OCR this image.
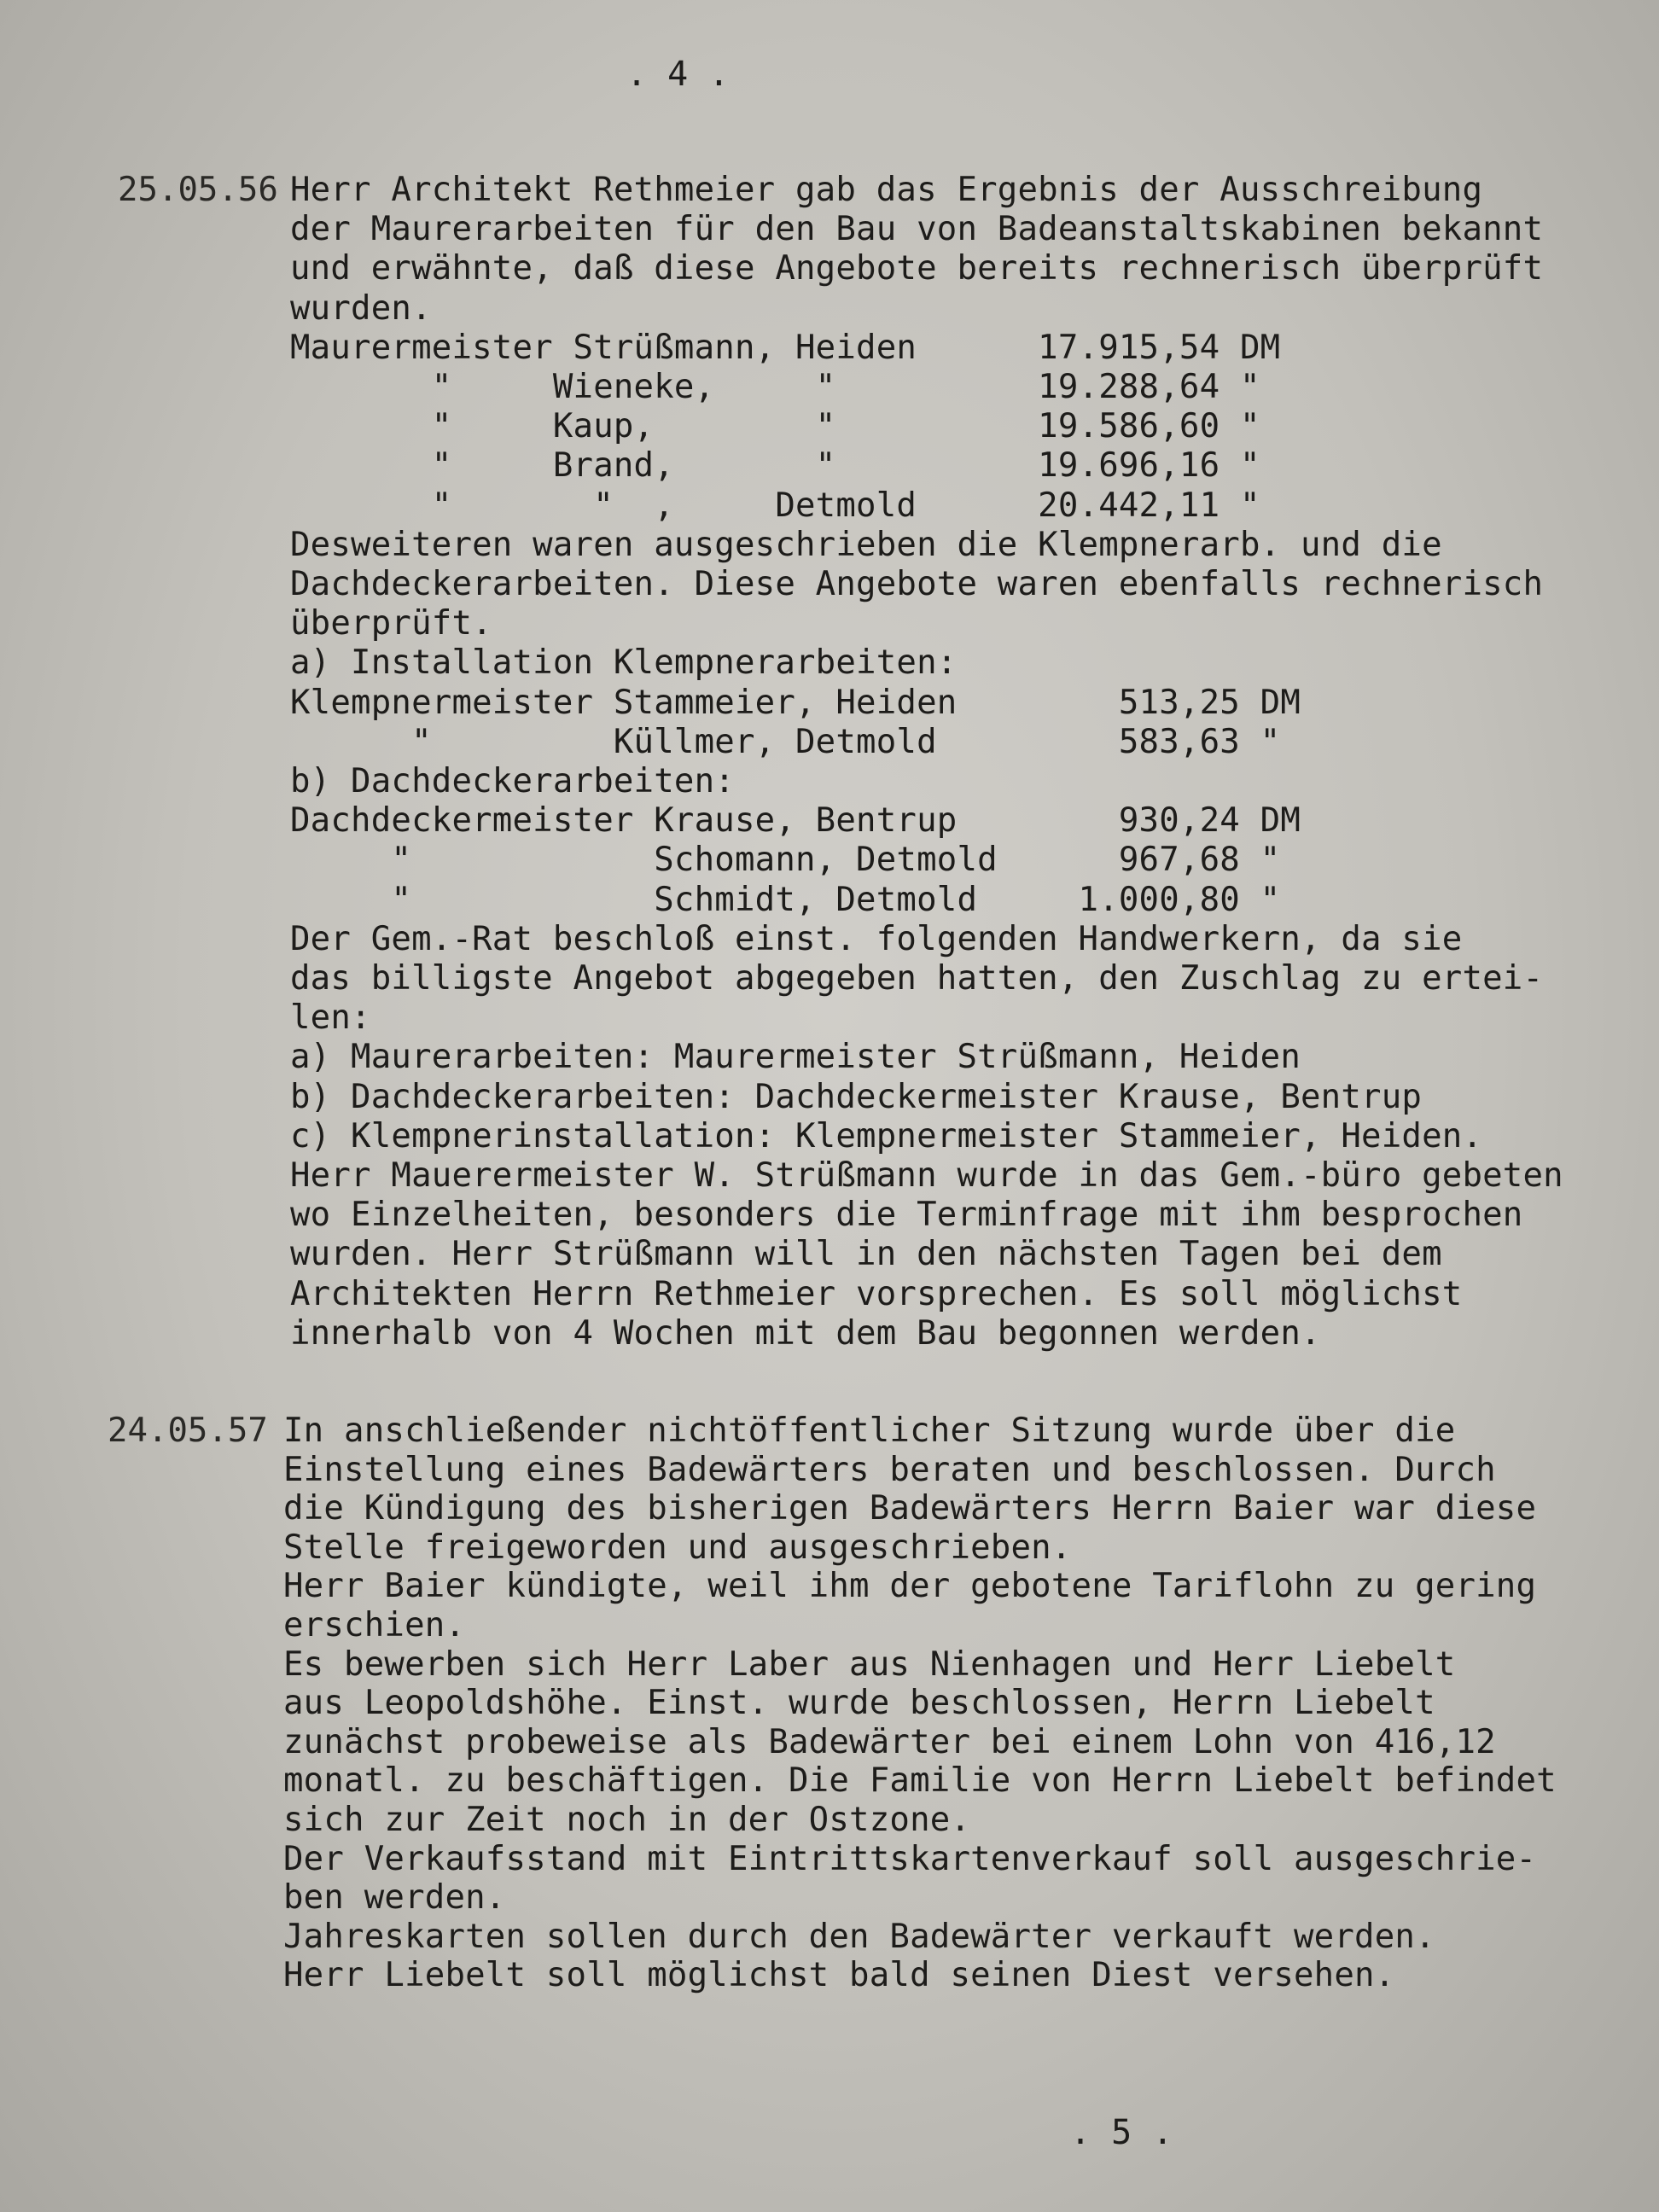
. 4 .
25.05.56 Herr Architekt Rethmeier gab das Ergebnis der Ausschreibung
der Maurerarbeiten für den Bau von Badeanstaltskabinen bekannt
und erwähnte, daß diese Angebote bereits rechnerisch überprüft
wurden.
Maurermeister Strüßmann, Heiden      17.915,54 DM
"     Wieneke,     "          19.288,64 "
"     Kaup,        "          19.586,60 "
"     Brand,       "          19.696,16 "
"       "  ,     Detmold      20.442,11 "
Desweiteren waren ausgeschrieben die Klempnerarb. und die
Dachdeckerarbeiten. Diese Angebote waren ebenfalls rechnerisch
überprüft.
a) Installation Klempnerarbeiten:
Klempnermeister Stammeier, Heiden        513,25 DM
"         Küllmer, Detmold         583,63 "
b) Dachdeckerarbeiten:
Dachdeckermeister Krause, Bentrup        930,24 DM
"            Schomann, Detmold      967,68 "
"            Schmidt, Detmold     1.000,80 "
Der Gem.-Rat beschloß einst. folgenden Handwerkern, da sie
das billigste Angebot abgegeben hatten, den Zuschlag zu ertei-
len:
a) Maurerarbeiten: Maurermeister Strüßmann, Heiden
b) Dachdeckerarbeiten: Dachdeckermeister Krause, Bentrup
c) Klempnerinstallation: Klempnermeister Stammeier, Heiden.
Herr Mauerermeister W. Strüßmann wurde in das Gem.-büro gebeten
wo Einzelheiten, besonders die Terminfrage mit ihm besprochen
wurden. Herr Strüßmann will in den nächsten Tagen bei dem
Architekten Herrn Rethmeier vorsprechen. Es soll möglichst
innerhalb von 4 Wochen mit dem Bau begonnen werden.
24.05.57 In anschließender nichtöffentlicher Sitzung wurde über die
Einstellung eines Badewärters beraten und beschlossen. Durch
die Kündigung des bisherigen Badewärters Herrn Baier war diese
Stelle freigeworden und ausgeschrieben.
Herr Baier kündigte, weil ihm der gebotene Tariflohn zu gering
erschien.
Es bewerben sich Herr Laber aus Nienhagen und Herr Liebelt
aus Leopoldshöhe. Einst. wurde beschlossen, Herrn Liebelt
zunächst probeweise als Badewärter bei einem Lohn von 416,12
monatl. zu beschäftigen. Die Familie von Herrn Liebelt befindet
sich zur Zeit noch in der Ostzone.
Der Verkaufsstand mit Eintrittskartenverkauf soll ausgeschrie-
ben werden.
Jahreskarten sollen durch den Badewärter verkauft werden.
Herr Liebelt soll möglichst bald seinen Diest versehen.
. 5 .
